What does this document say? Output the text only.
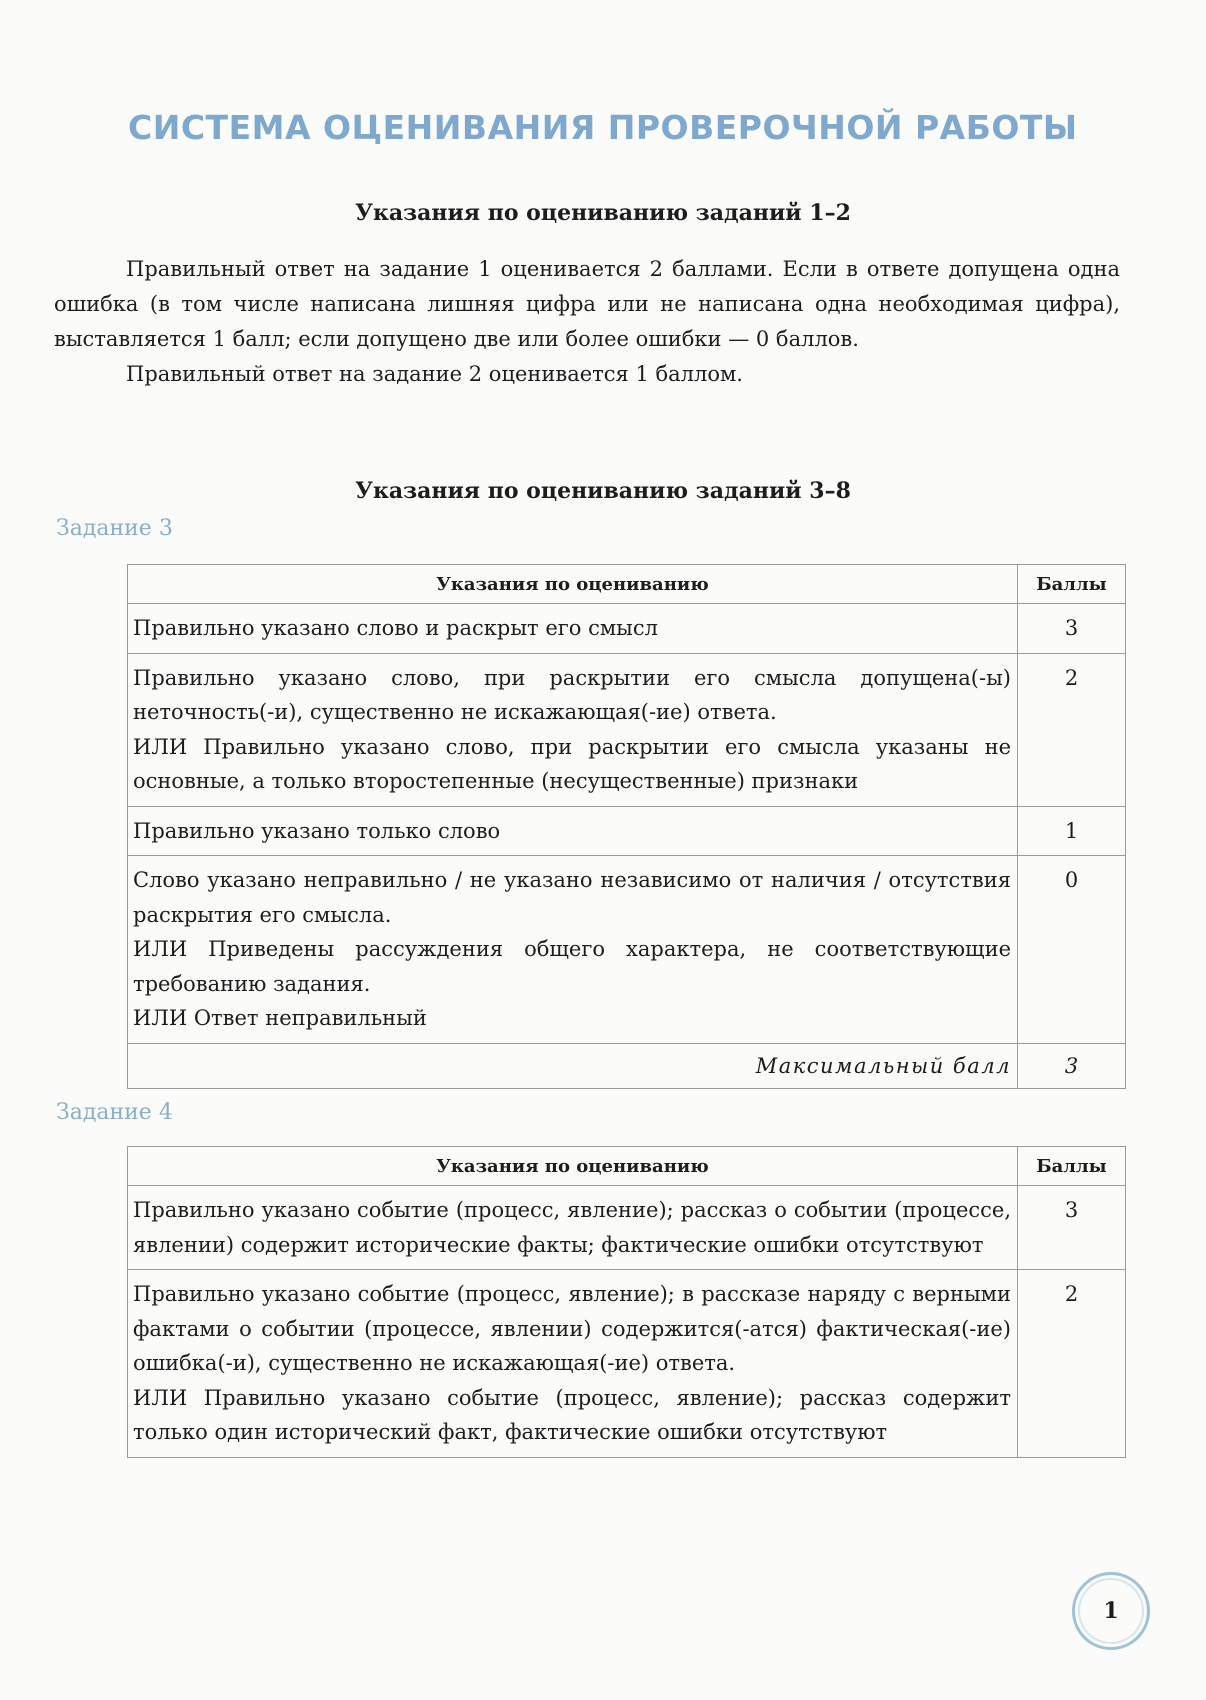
СИСТЕМА ОЦЕНИВАНИЯ ПРОВЕРОЧНОЙ РАБОТЫ
Указания по оцениванию заданий 1–2

Правильный ответ на задание 1 оценивается 2 баллами. Если в ответе допущена одна ошибка (в том числе написана лишняя цифра или не написана одна необходимая цифра), выставляется 1 балл; если допущено две или более ошибки — 0 баллов.

Правильный ответ на задание 2 оценивается 1 баллом.

Указания по оцениванию заданий 3–8
Задание 3
Указания по оцениванию	Баллы

Правильно указано слово и раскрыт его смысл	3

Правильно указано слово, при раскрытии его смысла допущена(-ы) неточность(-и), существенно не искажающая(-ие) ответа.
ИЛИ Правильно указано слово, при раскрытии его смысла указаны не основные, а только второстепенные (несущественные) признаки	2

Правильно указано только слово	1

Слово указано неправильно / не указано независимо от наличия / отсутствия раскрытия его смысла.
ИЛИ Приведены рассуждения общего характера, не соответствующие требованию задания.
ИЛИ Ответ неправильный	0
Максимальный балл	3
Задание 4
Указания по оцениванию	Баллы

Правильно указано событие (процесс, явление); рассказ о событии (процессе, явлении) содержит исторические факты; фактические ошибки отсутствуют	3

Правильно указано событие (процесс, явление); в рассказе наряду с верными фактами о событии (процессе, явлении) содержится(-атся) фактическая(-ие) ошибка(-и), существенно не искажающая(-ие) ответа.
ИЛИ Правильно указано событие (процесс, явление); рассказ содержит только один исторический факт, фактические ошибки отсутствуют	2
1
